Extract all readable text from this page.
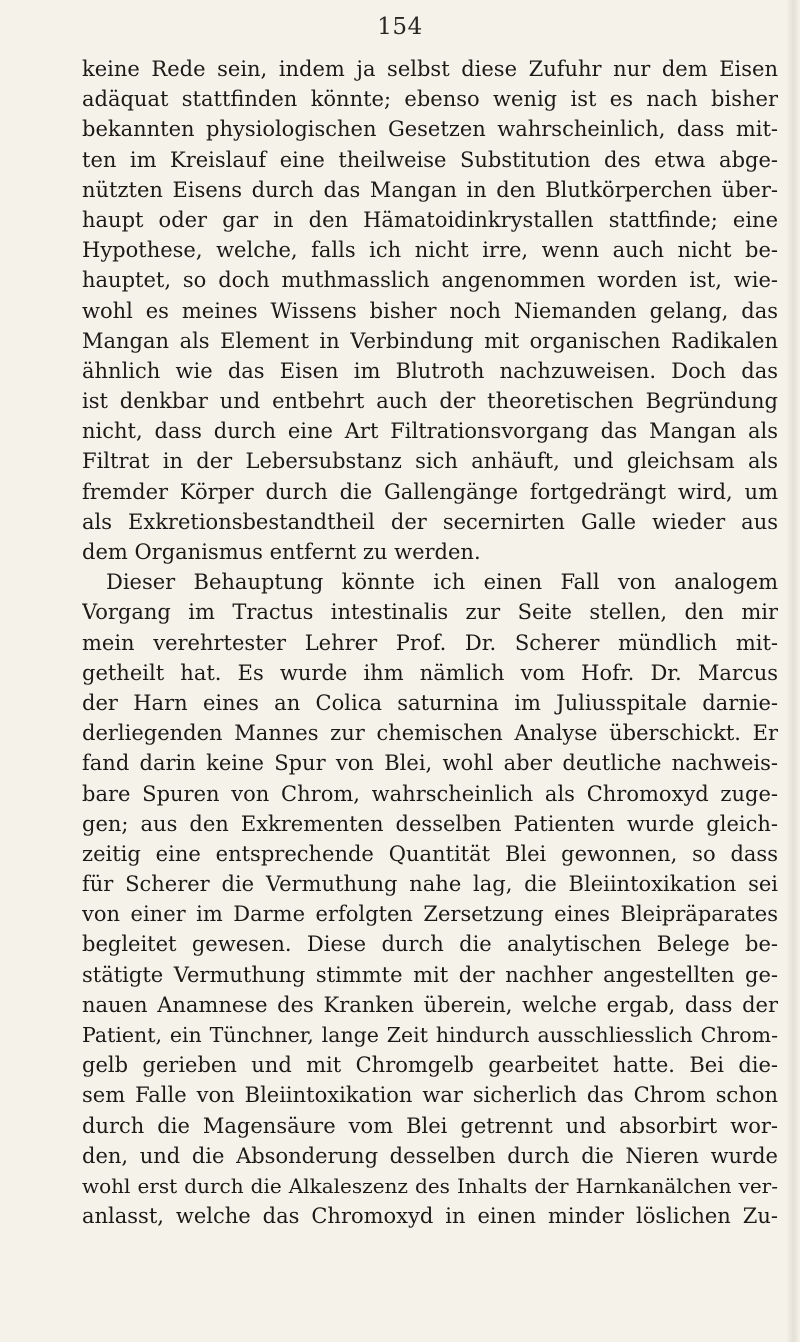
154
keine Rede sein, indem ja selbst diese Zufuhr nur dem Eisen
adäquat stattfinden könnte; ebenso wenig ist es nach bisher
bekannten physiologischen Gesetzen wahrscheinlich, dass mit-
ten im Kreislauf eine theilweise Substitution des etwa abge-
nützten Eisens durch das Mangan in den Blutkörperchen über-
haupt oder gar in den Hämatoidinkrystallen stattfinde; eine
Hypothese, welche, falls ich nicht irre, wenn auch nicht be-
hauptet, so doch muthmasslich angenommen worden ist, wie-
wohl es meines Wissens bisher noch Niemanden gelang, das
Mangan als Element in Verbindung mit organischen Radikalen
ähnlich wie das Eisen im Blutroth nachzuweisen. Doch das
ist denkbar und entbehrt auch der theoretischen Begründung
nicht, dass durch eine Art Filtrationsvorgang das Mangan als
Filtrat in der Lebersubstanz sich anhäuft, und gleichsam als
fremder Körper durch die Gallengänge fortgedrängt wird, um
als Exkretionsbestandtheil der secernirten Galle wieder aus
dem Organismus entfernt zu werden.
Dieser Behauptung könnte ich einen Fall von analogem
Vorgang im Tractus intestinalis zur Seite stellen, den mir
mein verehrtester Lehrer Prof. Dr. Scherer mündlich mit-
getheilt hat. Es wurde ihm nämlich vom Hofr. Dr. Marcus
der Harn eines an Colica saturnina im Juliusspitale darnie-
derliegenden Mannes zur chemischen Analyse überschickt. Er
fand darin keine Spur von Blei, wohl aber deutliche nachweis-
bare Spuren von Chrom, wahrscheinlich als Chromoxyd zuge-
gen; aus den Exkrementen desselben Patienten wurde gleich-
zeitig eine entsprechende Quantität Blei gewonnen, so dass
für Scherer die Vermuthung nahe lag, die Bleiintoxikation sei
von einer im Darme erfolgten Zersetzung eines Bleipräparates
begleitet gewesen. Diese durch die analytischen Belege be-
stätigte Vermuthung stimmte mit der nachher angestellten ge-
nauen Anamnese des Kranken überein, welche ergab, dass der
Patient, ein Tünchner, lange Zeit hindurch ausschliesslich Chrom-
gelb gerieben und mit Chromgelb gearbeitet hatte. Bei die-
sem Falle von Bleiintoxikation war sicherlich das Chrom schon
durch die Magensäure vom Blei getrennt und absorbirt wor-
den, und die Absonderung desselben durch die Nieren wurde
wohl erst durch die Alkaleszenz des Inhalts der Harnkanälchen ver-
anlasst, welche das Chromoxyd in einen minder löslichen Zu-
